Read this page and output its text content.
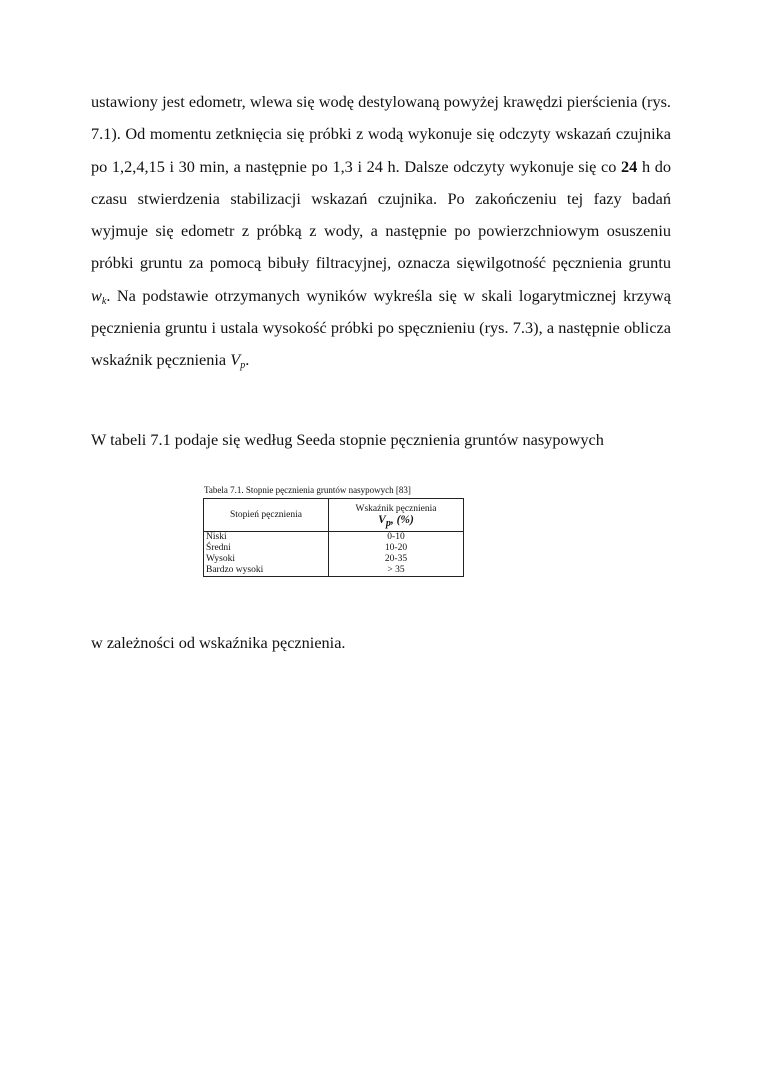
ustawiony jest edometr, wlewa się wodę destylowaną powyżej krawędzi pierścienia (rys. 7.1). Od momentu zetknięcia się próbki z wodą wykonuje się odczyty wskazań czujnika po 1,2,4,15 i 30 min, a następnie po 1,3 i 24 h. Dalsze odczyty wykonuje się co 24 h do czasu stwierdzenia stabilizacji wskazań czujnika. Po zakończeniu tej fazy badań wyjmuje się edometr z próbką z wody, a następnie po powierzchniowym osuszeniu próbki gruntu za pomocą bibuły filtracyjnej, oznacza sięwilgotność pęcznienia gruntu $w_k$. Na podstawie otrzymanych wyników wykreśla się w skali logarytmicznej krzywą pęcznienia gruntu i ustala wysokość próbki po spęcznieniu (rys. 7.3), a następnie oblicza wskaźnik pęcznienia $V_p$.

W tabeli 7.1 podaje się według Seeda stopnie pęcznienia gruntów nasypowych

Tabela 7.1. Stopnie pęcznienia gruntów nasypowych [83]
Stopień pęcznienia	Wskaźnik pęcznienia
$V_p$, (%)

Niski	0-10
Średni	10-20
Wysoki	20-35
Bardzo wysoki	> 35

w zależności od wskaźnika pęcznienia.
